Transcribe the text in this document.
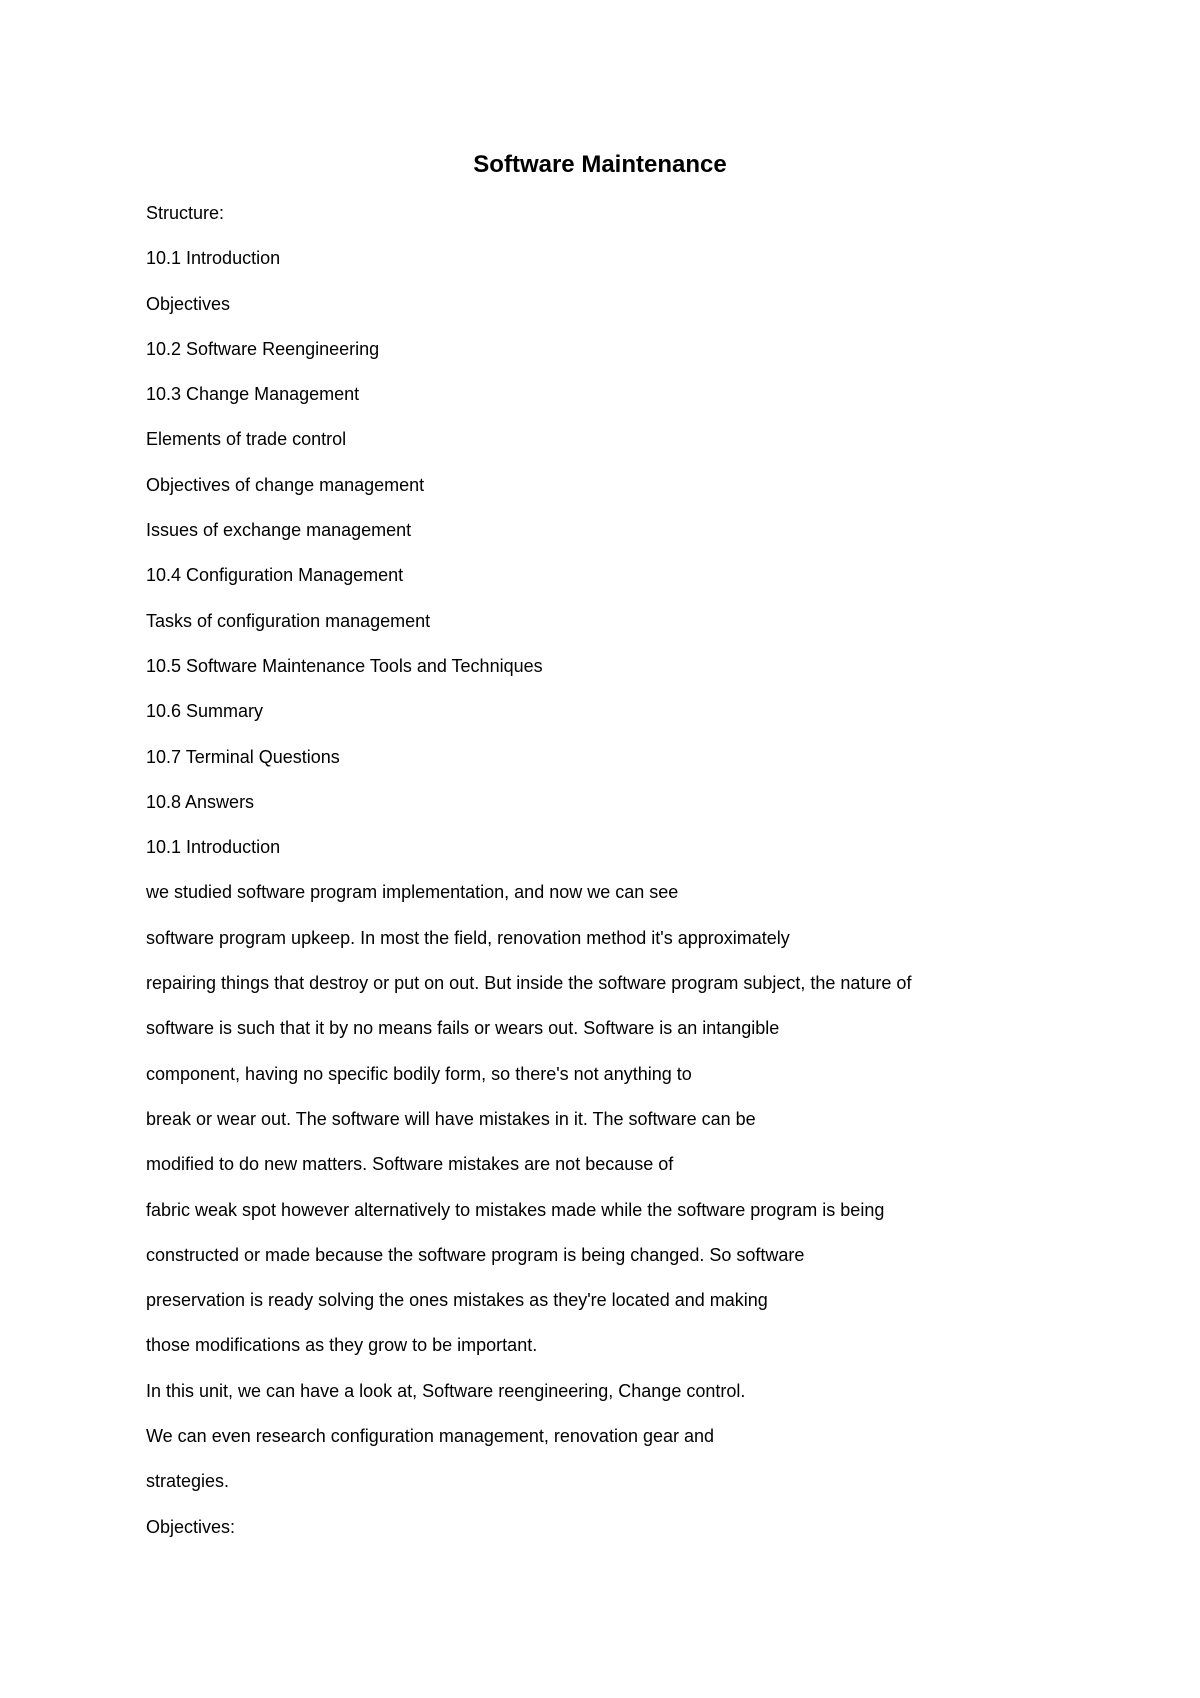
Software Maintenance
Structure:
10.1 Introduction
Objectives
10.2 Software Reengineering
10.3 Change Management
Elements of trade control
Objectives of change management
Issues of exchange management
10.4 Configuration Management
Tasks of configuration management
10.5 Software Maintenance Tools and Techniques
10.6 Summary
10.7 Terminal Questions
10.8 Answers
10.1 Introduction
we studied software program implementation, and now we can see
software program upkeep. In most the field, renovation method it's approximately
repairing things that destroy or put on out. But inside the software program subject, the nature of
software is such that it by no means fails or wears out. Software is an intangible
component, having no specific bodily form, so there's not anything to
break or wear out. The software will have mistakes in it. The software can be
modified to do new matters. Software mistakes are not because of
fabric weak spot however alternatively to mistakes made while the software program is being
constructed or made because the software program is being changed. So software
preservation is ready solving the ones mistakes as they're located and making
those modifications as they grow to be important.
In this unit, we can have a look at, Software reengineering, Change control.
We can even research configuration management, renovation gear and
strategies.
Objectives:
